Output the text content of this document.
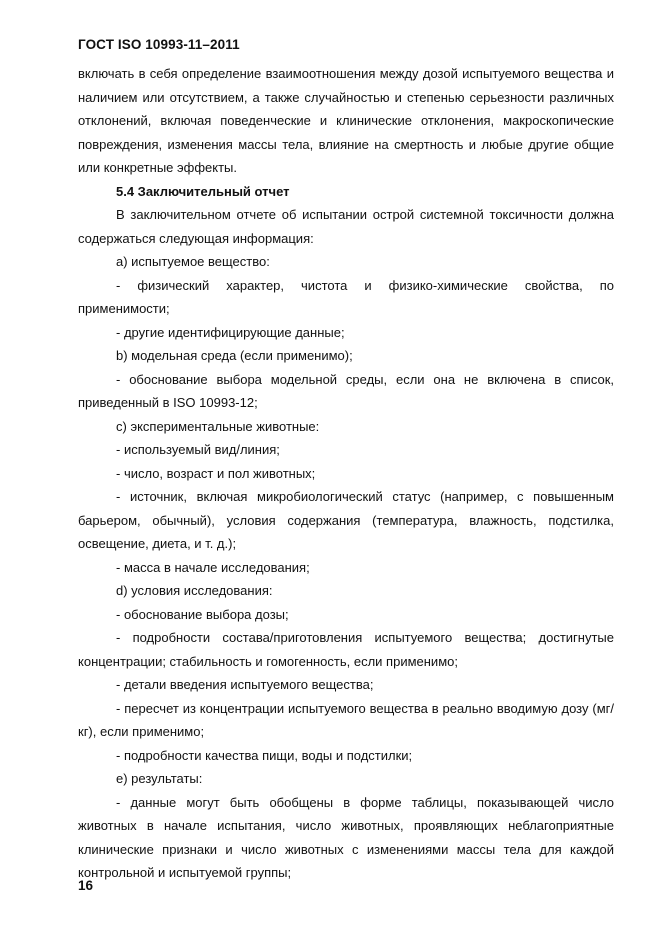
ГОСТ ISO 10993-11–2011

включать в себя определение взаимоотношения между дозой испытуемого вещества и наличием или отсутствием, а также случайностью и степенью серьезности различных отклонений, включая поведенческие и клинические отклонения, макроскопические повреждения, изменения массы тела, влияние на смертность и любые другие общие или конкретные эффекты.

5.4 Заключительный отчет

В заключительном отчете об испытании острой системной токсичности должна содержаться следующая информация:

а) испытуемое вещество:

- физический характер, чистота и физико-химические свойства, по применимости;

- другие идентифицирующие данные;

b) модельная среда (если применимо);

- обоснование выбора модельной среды, если она не включена в список, приведенный в ISO 10993-12;

с) экспериментальные животные:

- используемый вид/линия;

- число, возраст и пол животных;

- источник, включая микробиологический статус (например, с повышенным барьером, обычный), условия содержания (температура, влажность, подстилка, освещение, диета, и т. д.);

- масса в начале исследования;

d) условия исследования:

- обоснование выбора дозы;

- подробности состава/приготовления испытуемого вещества; достигнутые концентрации; стабильность и гомогенность, если применимо;

- детали введения испытуемого вещества;

- пересчет из концентрации испытуемого вещества в реально вводимую дозу (мг/кг), если применимо;

- подробности качества пищи, воды и подстилки;

е) результаты:

- данные могут быть обобщены в форме таблицы, показывающей число животных в начале испытания, число животных, проявляющих неблагоприятные клинические признаки и число животных с изменениями массы тела для каждой контрольной и испытуемой группы;

16
